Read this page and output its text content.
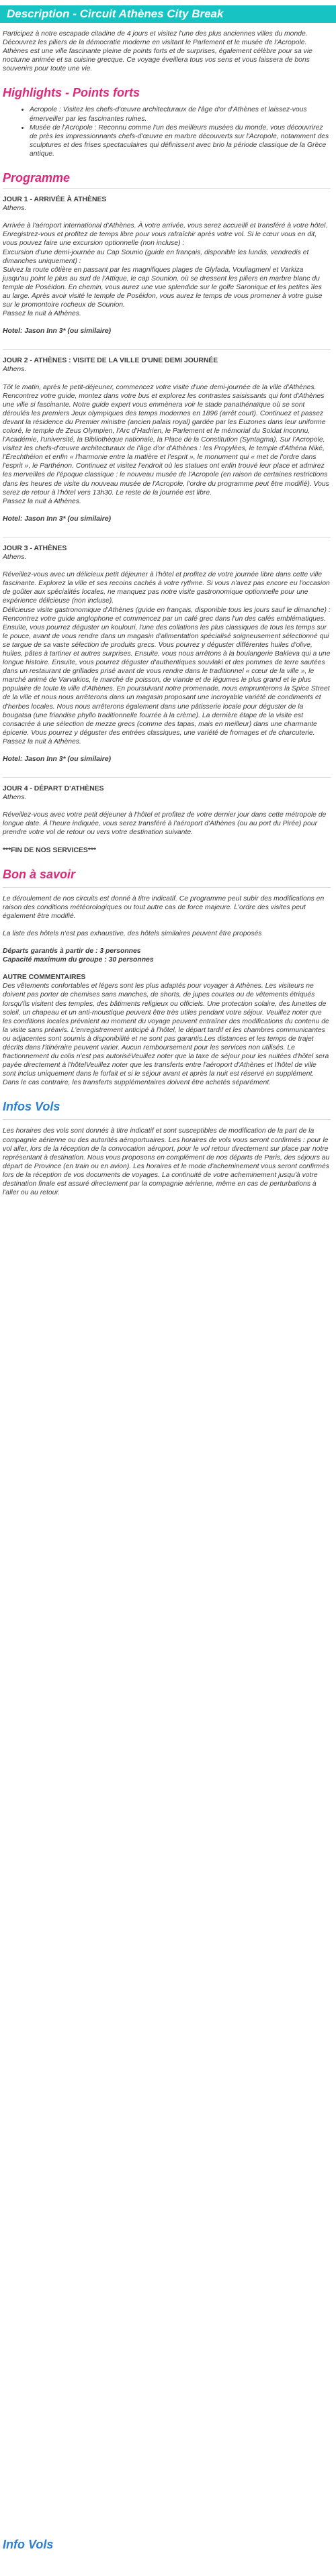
Description - Circuit Athènes City Break

Participez à notre escapade citadine de 4 jours et visitez l'une des plus anciennes villes du monde. Découvrez les piliers de la démocratie moderne en visitant le Parlement et le musée de l'Acropole. Athènes est une ville fascinante pleine de points forts et de surprises, également célèbre pour sa vie nocturne animée et sa cuisine grecque. Ce voyage éveillera tous vos sens et vous laissera de bons souvenirs pour toute une vie.

Highlights - Points forts
• Acropole : Visitez les chefs-d'œuvre architecturaux de l'âge d'or d'Athènes et laissez-vous émerveiller par les fascinantes ruines.
• Musée de l'Acropole : Reconnu comme l'un des meilleurs musées du monde, vous découvrirez de près les impressionnants chefs-d'œuvre en marbre découverts sur l'Acropole, notamment des sculptures et des frises spectaculaires qui définissent avec brio la période classique de la Grèce antique.
Programme

JOUR 1 - ARRIVÉE À ATHÈNES

Athens.

Arrivée à l'aéroport international d'Athènes. À votre arrivée, vous serez accueilli et transféré à votre hôtel. Enregistrez-vous et profitez de temps libre pour vous rafraîchir après votre vol. Si le cœur vous en dit, vous pouvez faire une excursion optionnelle (non incluse) :

Excursion d'une demi-journée au Cap Sounio (guide en français, disponible les lundis, vendredis et dimanches uniquement) :

Suivez la route côtière en passant par les magnifiques plages de Glyfada, Vouliagmeni et Varkiza jusqu'au point le plus au sud de l'Attique, le cap Sounion, où se dressent les piliers en marbre blanc du temple de Poséidon. En chemin, vous aurez une vue splendide sur le golfe Saronique et les petites îles au large. Après avoir visité le temple de Poséidon, vous aurez le temps de vous promener à votre guise sur le promontoire rocheux de Sounion.

Passez la nuit à Athènes.

Hotel: Jason Inn 3* (ou similaire)

JOUR 2 - ATHÈNES : VISITE DE LA VILLE D'UNE DEMI JOURNÉE

Athens.

Tôt le matin, après le petit-déjeuner, commencez votre visite d'une demi-journée de la ville d'Athènes. Rencontrez votre guide, montez dans votre bus et explorez les contrastes saisissants qui font d'Athènes une ville si fascinante. Notre guide expert vous emmènera voir le stade panathénaïque où se sont déroulés les premiers Jeux olympiques des temps modernes en 1896 (arrêt court). Continuez et passez devant la résidence du Premier ministre (ancien palais royal) gardée par les Euzones dans leur uniforme coloré, le temple de Zeus Olympien, l'Arc d'Hadrien, le Parlement et le mémorial du Soldat inconnu, l'Académie, l'université, la Bibliothèque nationale, la Place de la Constitution (Syntagma). Sur l'Acropole, visitez les chefs-d'œuvre architecturaux de l'âge d'or d'Athènes : les Propylées, le temple d'Athéna Niké, l'Érechthéion et enfin « l'harmonie entre la matière et l'esprit », le monument qui « met de l'ordre dans l'esprit », le Parthénon. Continuez et visitez l'endroit où les statues ont enfin trouvé leur place et admirez les merveilles de l'époque classique : le nouveau musée de l'Acropole (en raison de certaines restrictions dans les heures de visite du nouveau musée de l'Acropole, l'ordre du programme peut être modifié). Vous serez de retour à l'hôtel vers 13h30. Le reste de la journée est libre.

Passez la nuit à Athènes.

Hotel: Jason Inn 3* (ou similaire)

JOUR 3 - ATHÈNES

Athens.

Réveillez-vous avec un délicieux petit déjeuner à l'hôtel et profitez de votre journée libre dans cette ville fascinante. Explorez la ville et ses recoins cachés à votre rythme. Si vous n'avez pas encore eu l'occasion de goûter aux spécialités locales, ne manquez pas notre visite gastronomique optionnelle pour une expérience délicieuse (non incluse).

Délicieuse visite gastronomique d'Athènes (guide en français, disponible tous les jours sauf le dimanche) :

Rencontrez votre guide anglophone et commencez par un café grec dans l'un des cafés emblématiques. Ensuite, vous pourrez déguster un koulouri, l'une des collations les plus classiques de tous les temps sur le pouce, avant de vous rendre dans un magasin d'alimentation spécialisé soigneusement sélectionné qui se targue de sa vaste sélection de produits grecs. Vous pourrez y déguster différentes huiles d'olive, huiles, pâtes à tartiner et autres surprises. Ensuite, vous nous arrêtons à la boulangerie Bakleva qui a une longue histoire. Ensuite, vous pourrez déguster d'authentiques souvlaki et des pommes de terre sautées dans un restaurant de grillades prisé avant de vous rendre dans le traditionnel « cœur de la ville », le marché animé de Varvakios, le marché de poisson, de viande et de légumes le plus grand et le plus populaire de toute la ville d'Athènes. En poursuivant notre promenade, nous emprunterons la Spice Street de la ville et nous nous arrêterons dans un magasin proposant une incroyable variété de condiments et d'herbes locales. Nous nous arrêterons également dans une pâtisserie locale pour déguster de la bougatsa (une friandise phyllo traditionnelle fourrée à la crème). La dernière étape de la visite est consacrée à une sélection de mezze grecs (comme des tapas, mais en meilleur) dans une charmante épicerie. Vous pourrez y déguster des entrées classiques, une variété de fromages et de charcuterie.

Passez la nuit à Athènes.

Hotel: Jason Inn 3* (ou similaire)

JOUR 4 - DÉPART D'ATHÈNES

Athens.

Réveillez-vous avec votre petit déjeuner à l'hôtel et profitez de votre dernier jour dans cette métropole de longue date. À l'heure indiquée, vous serez transféré à l'aéroport d'Athènes (ou au port du Pirée) pour prendre votre vol de retour ou vers votre destination suivante.

***FIN DE NOS SERVICES***

Bon à savoir

Le déroulement de nos circuits est donné à titre indicatif. Ce programme peut subir des modifications en raison des conditions météorologiques ou tout autre cas de force majeure. L'ordre des visites peut également être modifié.

La liste des hôtels n'est pas exhaustive, des hôtels similaires peuvent être proposés

Départs garantis à partir de : 3 personnes

Capacité maximum du groupe : 30 personnes

AUTRE COMMENTAIRES

Des vêtements confortables et légers sont les plus adaptés pour voyager à Athènes. Les visiteurs ne doivent pas porter de chemises sans manches, de shorts, de jupes courtes ou de vêtements étriqués lorsqu'ils visitent des temples, des bâtiments religieux ou officiels. Une protection solaire, des lunettes de soleil, un chapeau et un anti-moustique peuvent être très utiles pendant votre séjour. Veuillez noter que les conditions locales prévalent au moment du voyage peuvent entraîner des modifications du contenu de la visite sans préavis. L'enregistrement anticipé à l'hôtel, le départ tardif et les chambres communicantes ou adjacentes sont soumis à disponibilité et ne sont pas garantis.Les distances et les temps de trajet décrits dans l'itinéraire peuvent varier. Aucun remboursement pour les services non utilisés. Le fractionnement du colis n'est pas autoriséVeuillez noter que la taxe de séjour pour les nuitées d'hôtel sera payée directement à l'hôtelVeuillez noter que les transferts entre l'aéroport d'Athènes et l'hôtel de ville sont inclus uniquement dans le forfait et si le séjour avant et après la nuit est réservé en supplément. Dans le cas contraire, les transferts supplémentaires doivent être achetés séparément.

Infos Vols

Les horaires des vols sont donnés à titre indicatif et sont susceptibles de modification de la part de la compagnie aérienne ou des autorités aéroportuaires. Les horaires de vols vous seront confirmés : pour le vol aller, lors de la réception de la convocation aéroport, pour le vol retour directement sur place par notre représentant à destination. Nous vous proposons en complément de nos départs de Paris, des séjours au départ de Province (en train ou en avion). Les horaires et le mode d'acheminement vous seront confirmés lors de la réception de vos documents de voyages. La continuité de votre acheminement jusqu'à votre destination finale est assuré directement par la compagnie aérienne, même en cas de perturbations à l'aller ou au retour.

Info Vols
